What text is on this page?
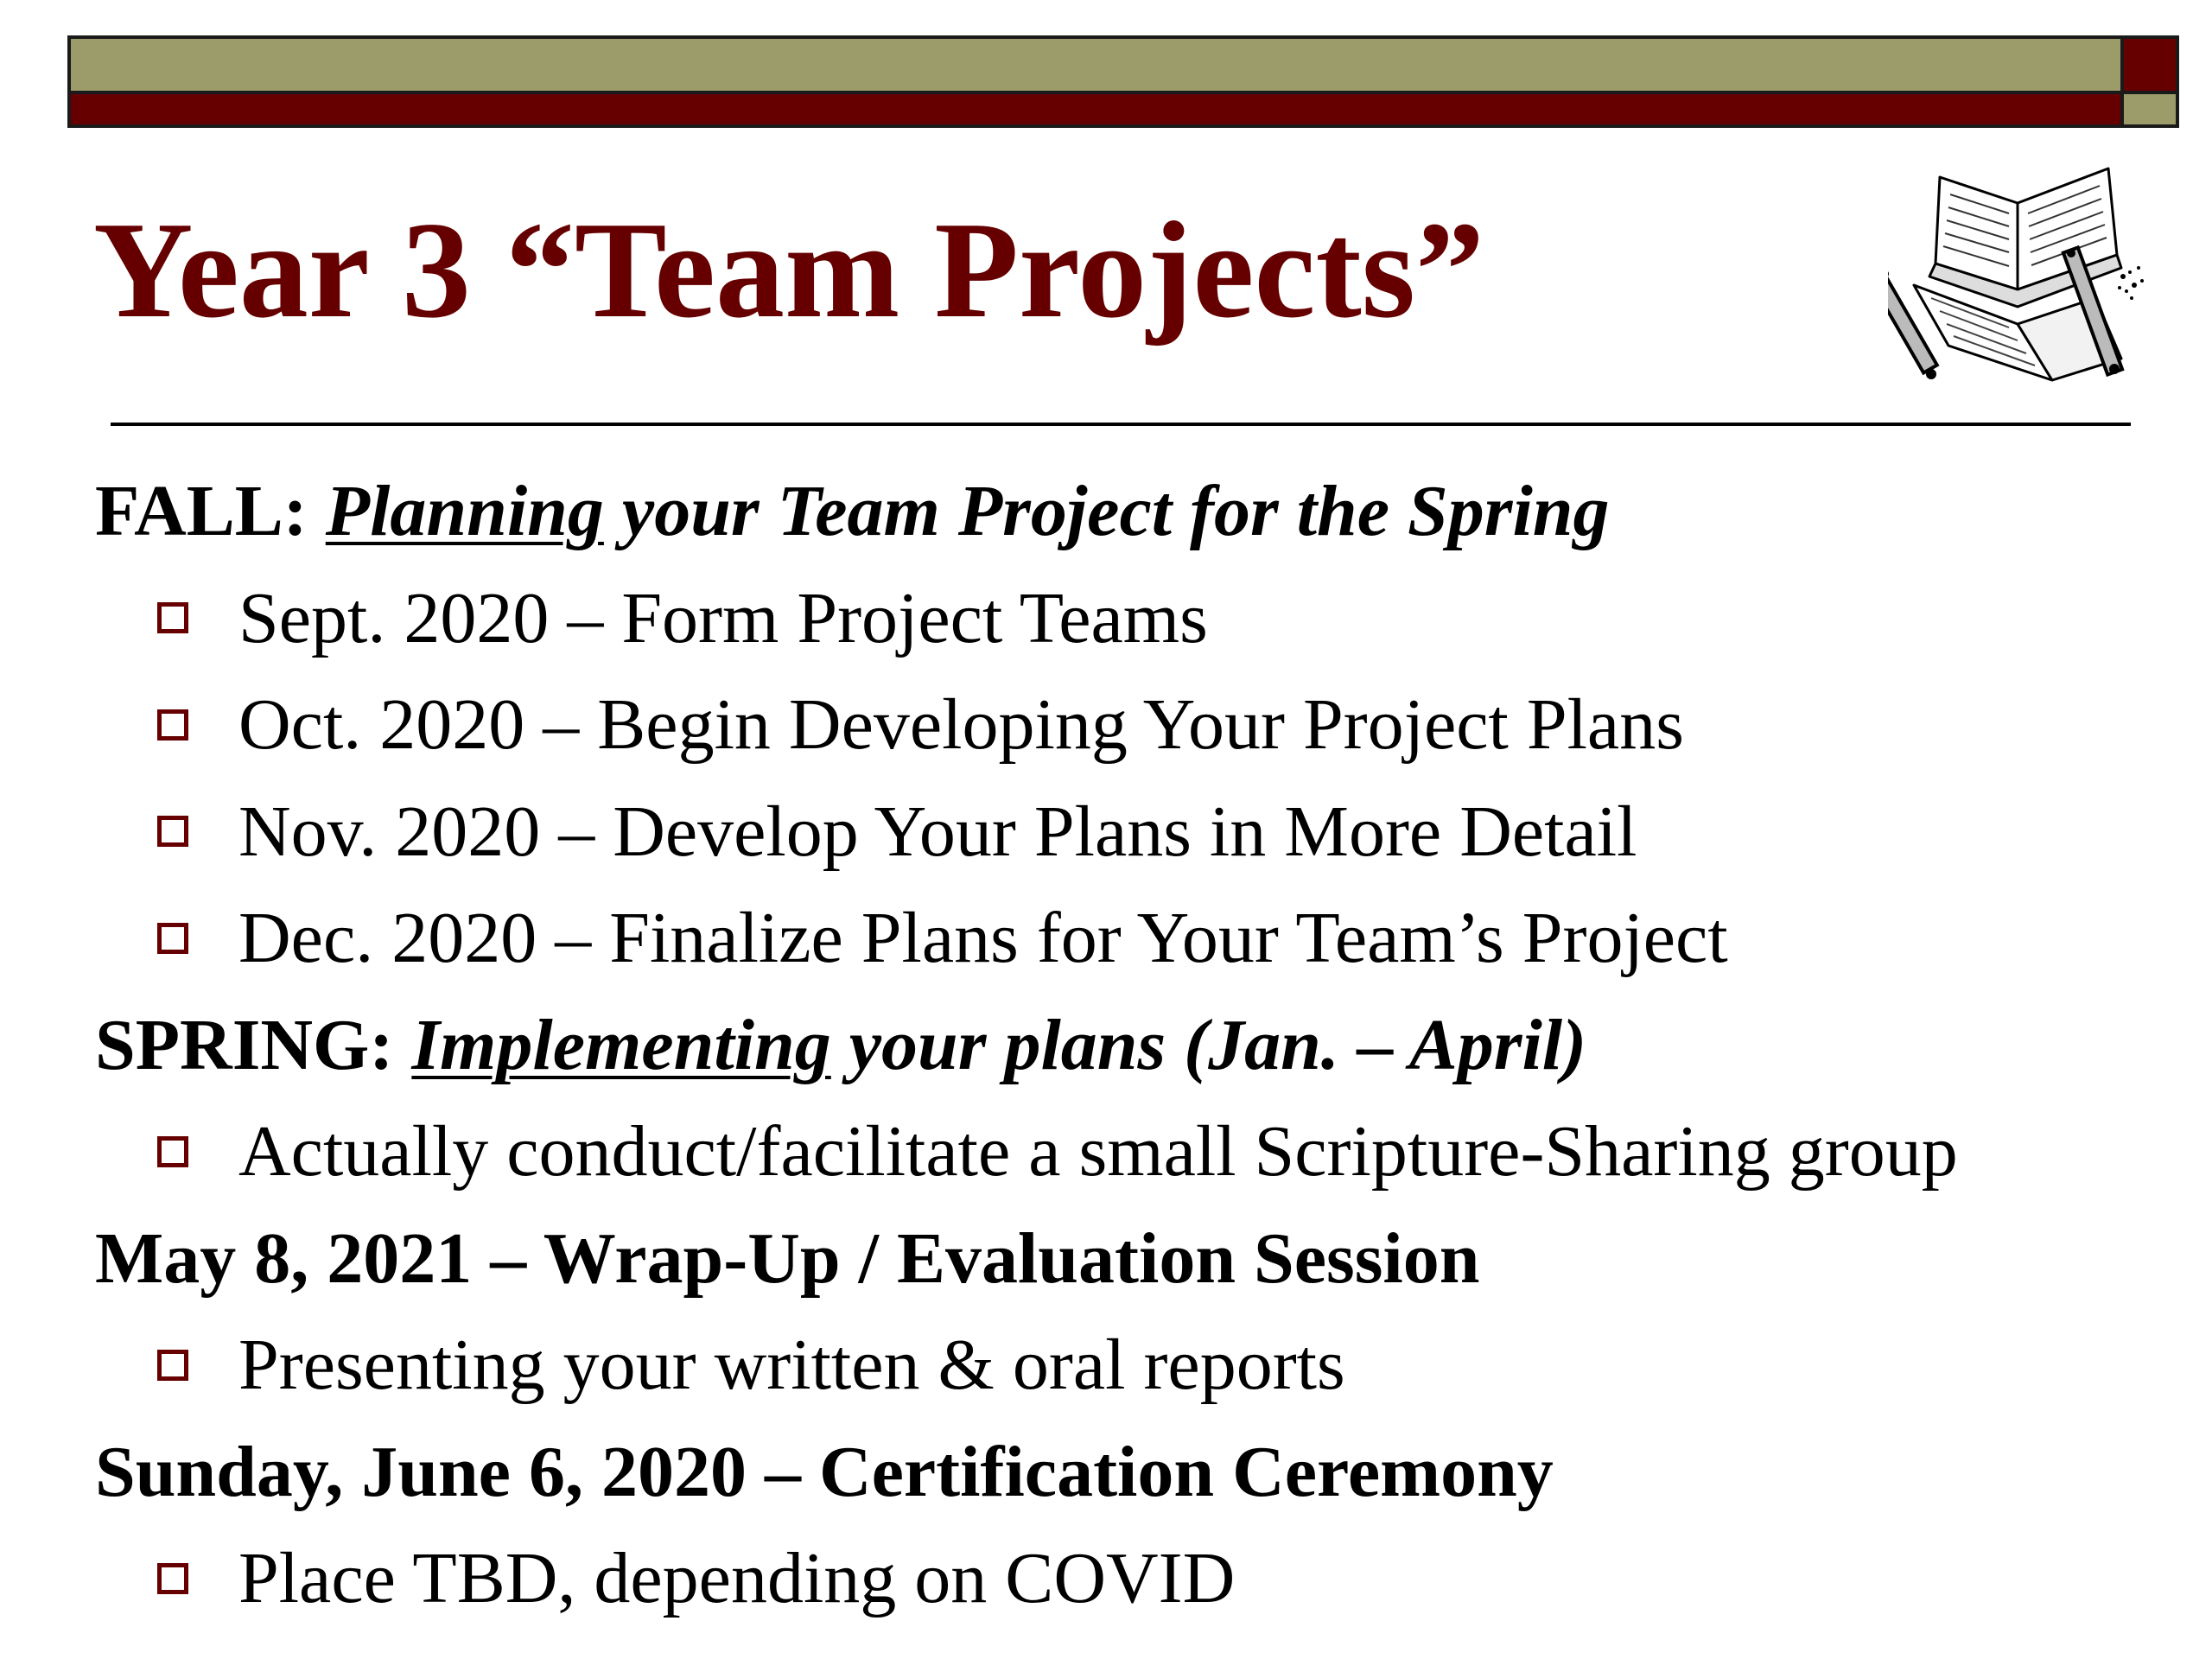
Year 3 “Team Projects”
FALL:
Planning your Team Project for the Spring
Sept. 2020 – Form Project Teams
Oct. 2020 – Begin Developing Your Project Plans
Nov. 2020 – Develop Your Plans in More Detail
Dec. 2020 – Finalize Plans for Your Team’s Project
SPRING:
Implementing your plans (Jan. – April)
Actually conduct/facilitate a small Scripture-Sharing group
May 8, 2021 – Wrap-Up / Evaluation Session
Presenting your written & oral reports
Sunday, June 6, 2020 – Certification Ceremony
Place TBD, depending on COVID
